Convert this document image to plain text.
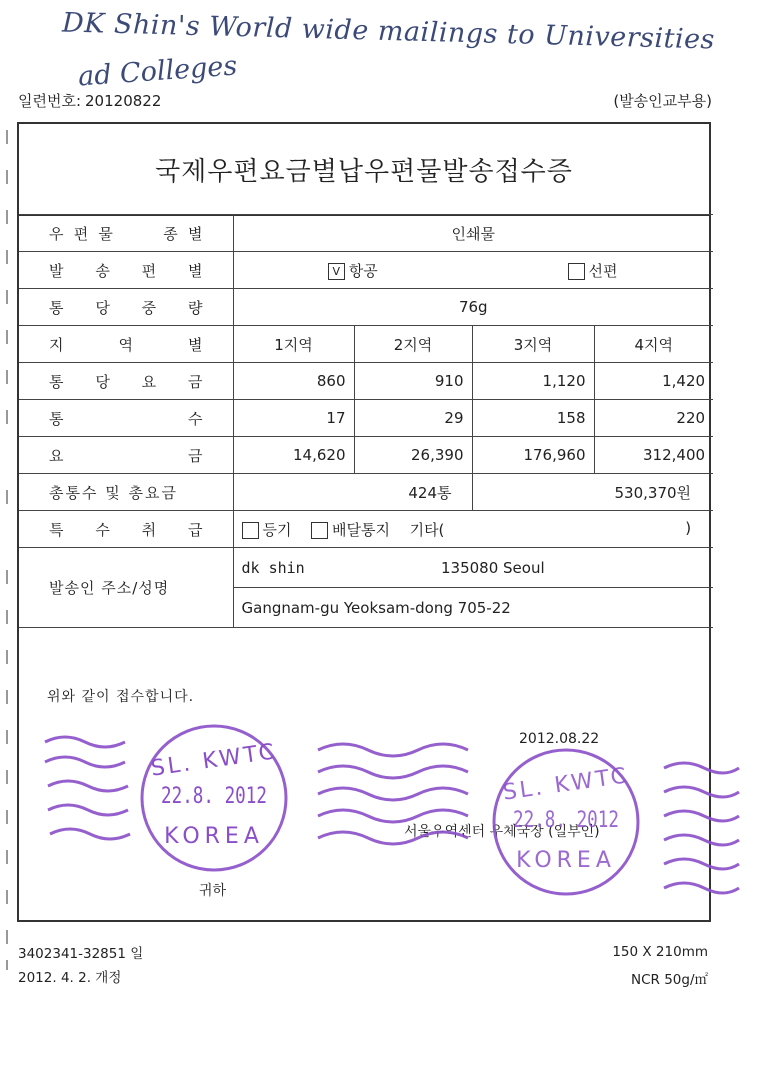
DK Shin's World wide mailings to Universities
ad Colleges
일련번호: 20120822	(발송인교부용)
국제우편요금별납우편물발송접수증
우 편 물 종 별	인쇄물			

발 송 편 별	V 항공		선편	

통 당 중 량	76g			

지 역 별	1지역	2지역	3지역	4지역

통 당 요 금	860	910	1,120	1,420

통 수	17	29	158	220

요 금	14,620	26,390	176,960	312,400

총통수 및 총요금	424통		530,370원	

특 수 취 급	등기 배달통지 기타( )			

발송인 주소/성명	dk shin 135080 Seoul			

	Gangnam-gu Yeoksam-dong 705-22			
위와 같이 접수합니다.
2012.08.22
서울우역센터 우체국장 (일부인)
귀하
SL. KWTC
22.8. 2012
KOREA
SL. KWTC
22.8. 2012
KOREA
3402341-32851 일
2012. 4. 2. 개정
150 X 210mm
NCR 50g/㎡
